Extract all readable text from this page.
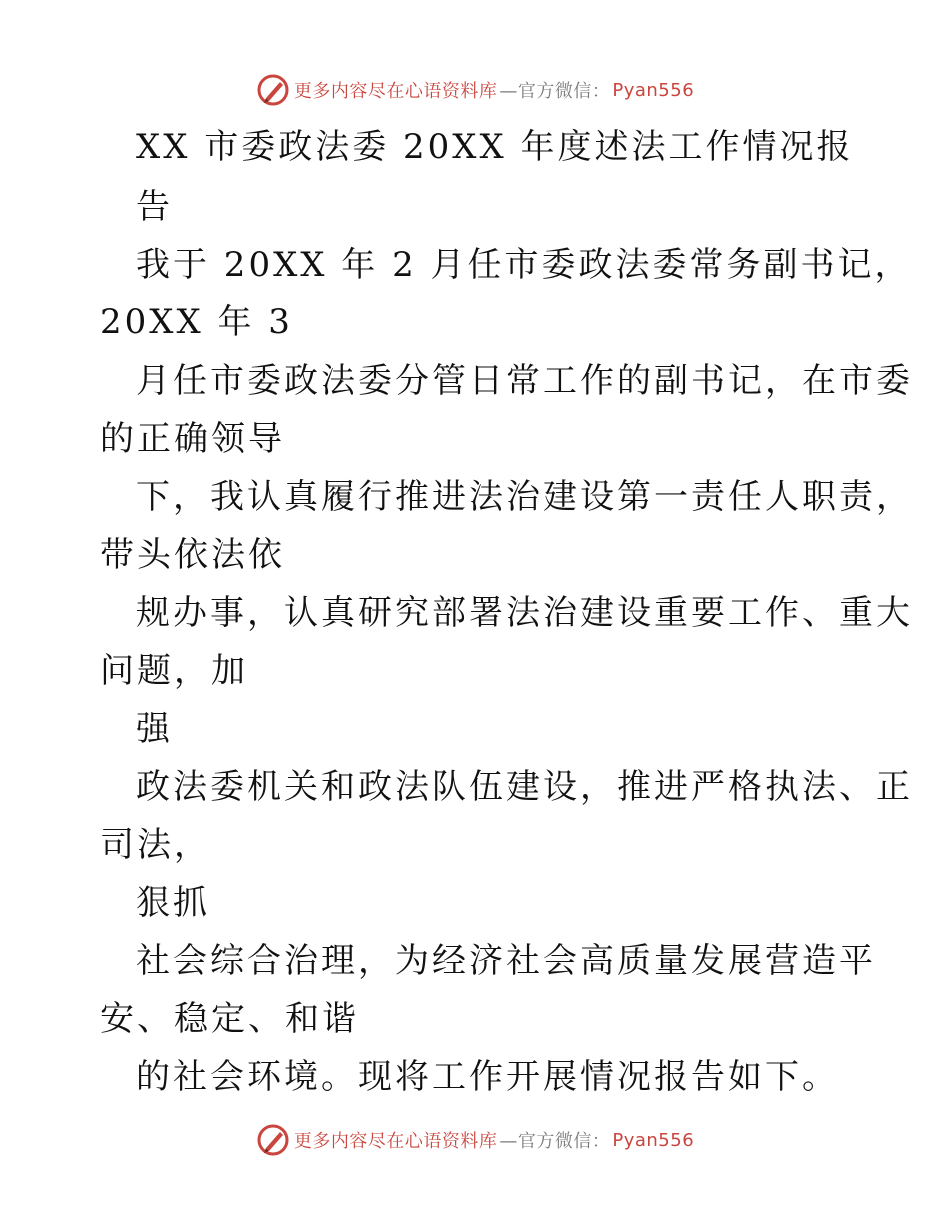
更多内容尽在心语资料库 —官方微信： Pyan556
XX 市委政法委 20XX 年度述法工作情况报
告
我于 20XX 年 2 月任市委政法委常务副书记，
20XX 年 3
月任市委政法委分管日常工作的副书记，在市委
的正确领导
下，我认真履行推进法治建设第一责任人职责，
带头依法依
规办事，认真研究部署法治建设重要工作、重大
问题，加
强
政法委机关和政法队伍建设，推进严格执法、正
司法，
狠抓
社会综合治理，为经济社会高质量发展营造平
安、稳定、和谐
的社会环境。现将工作开展情况报告如下。
更多内容尽在心语资料库 —官方微信： Pyan556
